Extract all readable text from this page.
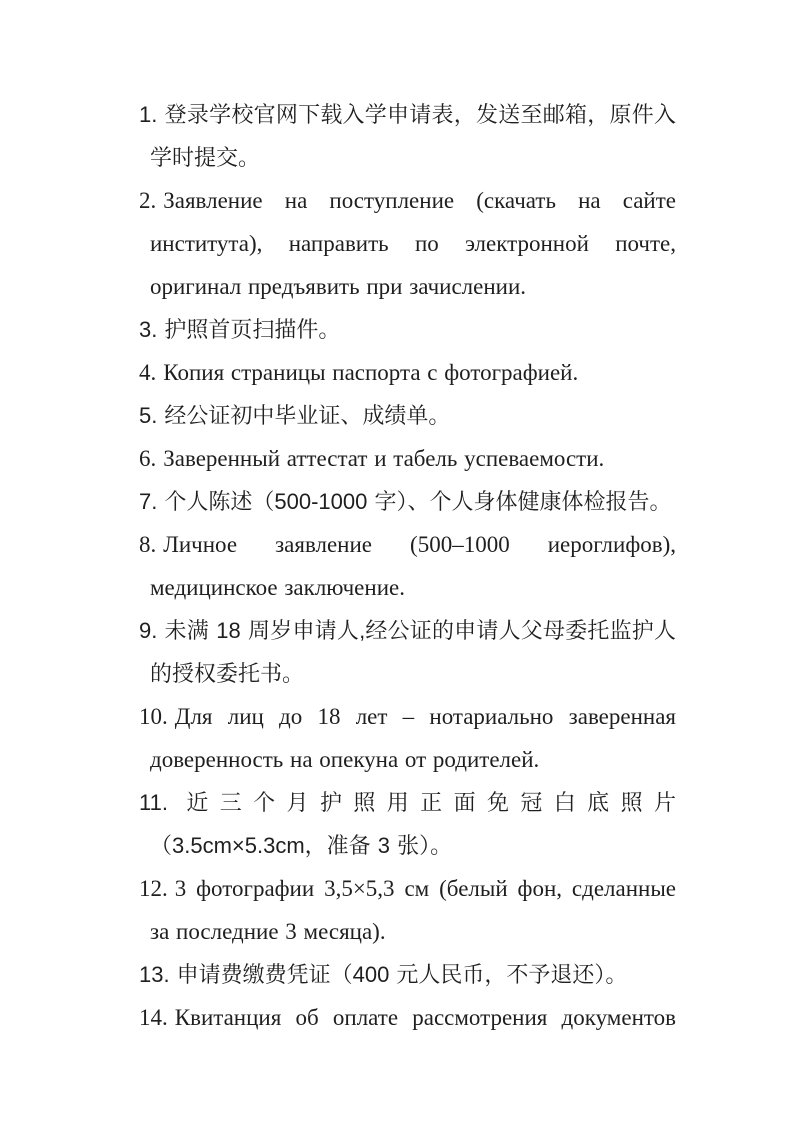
1. 登录学校官网下载入学申请表，发送至邮箱，原件入学时提交。
2. Заявление на поступление (скачать на сайте института), направить по электронной почте, оригинал предъявить при зачислении.
3. 护照首页扫描件。
4. Копия страницы паспорта с фотографией.
5. 经公证初中毕业证、成绩单。
6. Заверенный аттестат и табель успеваемости.
7. 个人陈述（500-1000 字）、个人身体健康体检报告。
8. Личное заявление (500–1000 иероглифов), медицинское заключение.
9. 未满 18 周岁申请人,经公证的申请人父母委托监护人的授权委托书。
10. Для лиц до 18 лет – нотариально заверенная доверенность на опекуна от родителей.
11. 近三个月护照用正面免冠白底照片（3.5cm×5.3cm，准备 3 张）。
12. 3 фотографии 3,5×5,3 см (белый фон, сделанные за последние 3 месяца).
13. 申请费缴费凭证（400 元人民币，不予退还）。
14. Квитанция об оплате рассмотрения документов
